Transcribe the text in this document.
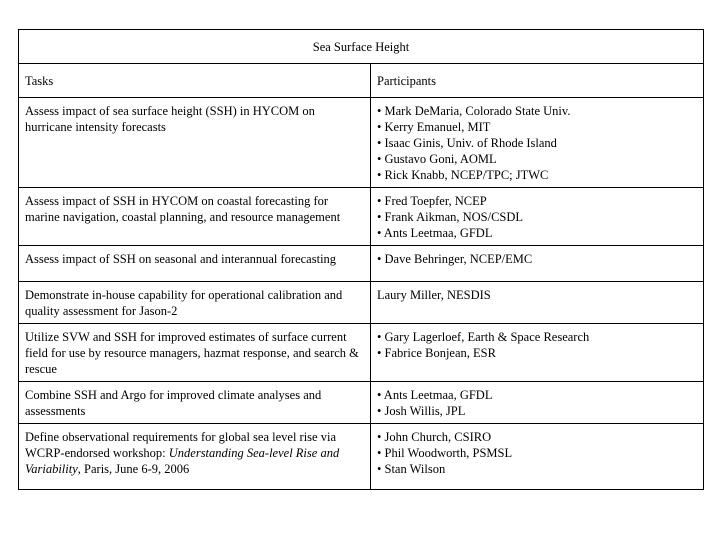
Sea Surface Height	
Tasks	Participants
Assess impact of sea surface height (SSH) in HYCOM on hurricane intensity forecasts	• Mark DeMaria, Colorado State Univ.
• Kerry Emanuel, MIT
• Isaac Ginis, Univ. of Rhode Island
• Gustavo Goni, AOML
• Rick Knabb, NCEP/TPC; JTWC

Assess impact of SSH in HYCOM on coastal forecasting for marine navigation, coastal planning, and resource management	• Fred Toepfer, NCEP
• Frank Aikman, NOS/CSDL
• Ants Leetmaa, GFDL

Assess impact of SSH on seasonal and interannual forecasting	• Dave Behringer, NCEP/EMC

Demonstrate in-house capability for operational calibration and quality assessment for Jason-2	Laury Miller, NESDIS

Utilize SVW and SSH for improved estimates of surface current field for use by resource managers, hazmat response, and search & rescue	• Gary Lagerloef, Earth & Space Research
• Fabrice Bonjean, ESR

Combine SSH and Argo for improved climate analyses and assessments	• Ants Leetmaa, GFDL
• Josh Willis, JPL

Define observational requirements for global sea level rise via WCRP-endorsed workshop: Understanding Sea-level Rise and Variability, Paris, June 6-9, 2006	• John Church, CSIRO
• Phil Woodworth, PSMSL
• Stan Wilson
